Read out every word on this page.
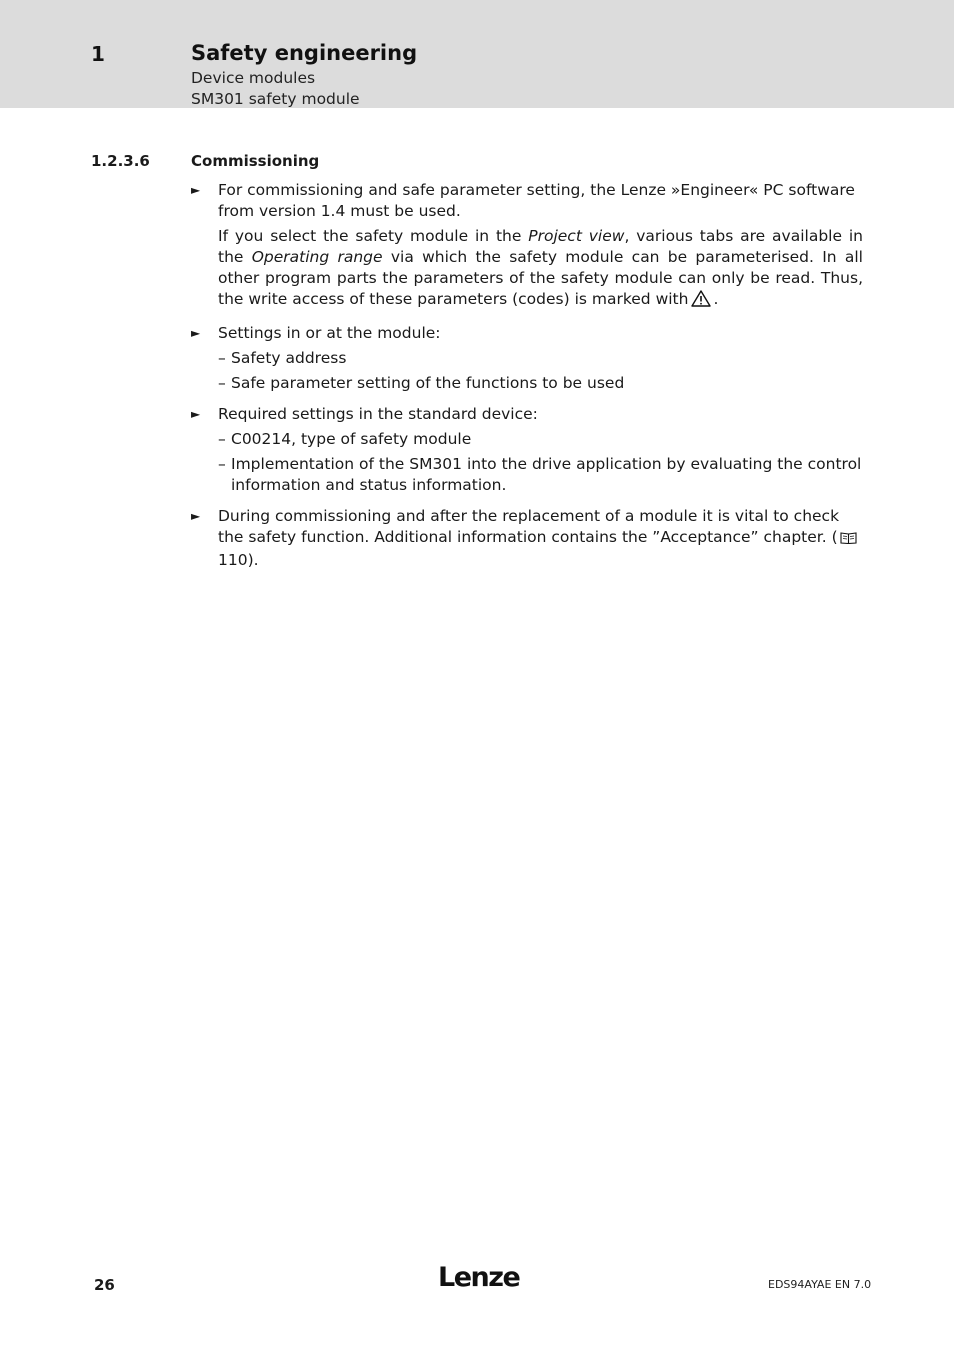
1	Safety engineering
Device modules
SM301 safety module
1.2.3.6	Commissioning
►	For commissioning and safe parameter setting, the Lenze »Engineer« PC software from version 1.4 must be used.
If you select the safety module in the Project view, various tabs are available in the Operating range via which the safety module can be parameterised. In all other program parts the parameters of the safety module can only be read. Thus, the write access of these parameters (codes) is marked with .
►	Settings in or at the module:
– Safety address
– Safe parameter setting of the functions to be used
►	Required settings in the standard device:
– C00214, type of safety module
– Implementation of the SM301 into the drive application by evaluating the control information and status information.
►	During commissioning and after the replacement of a module it is vital to check the safety function. Additional information contains the ”Acceptance” chapter. (110).
26	Lenze	EDS94AYAE EN 7.0
